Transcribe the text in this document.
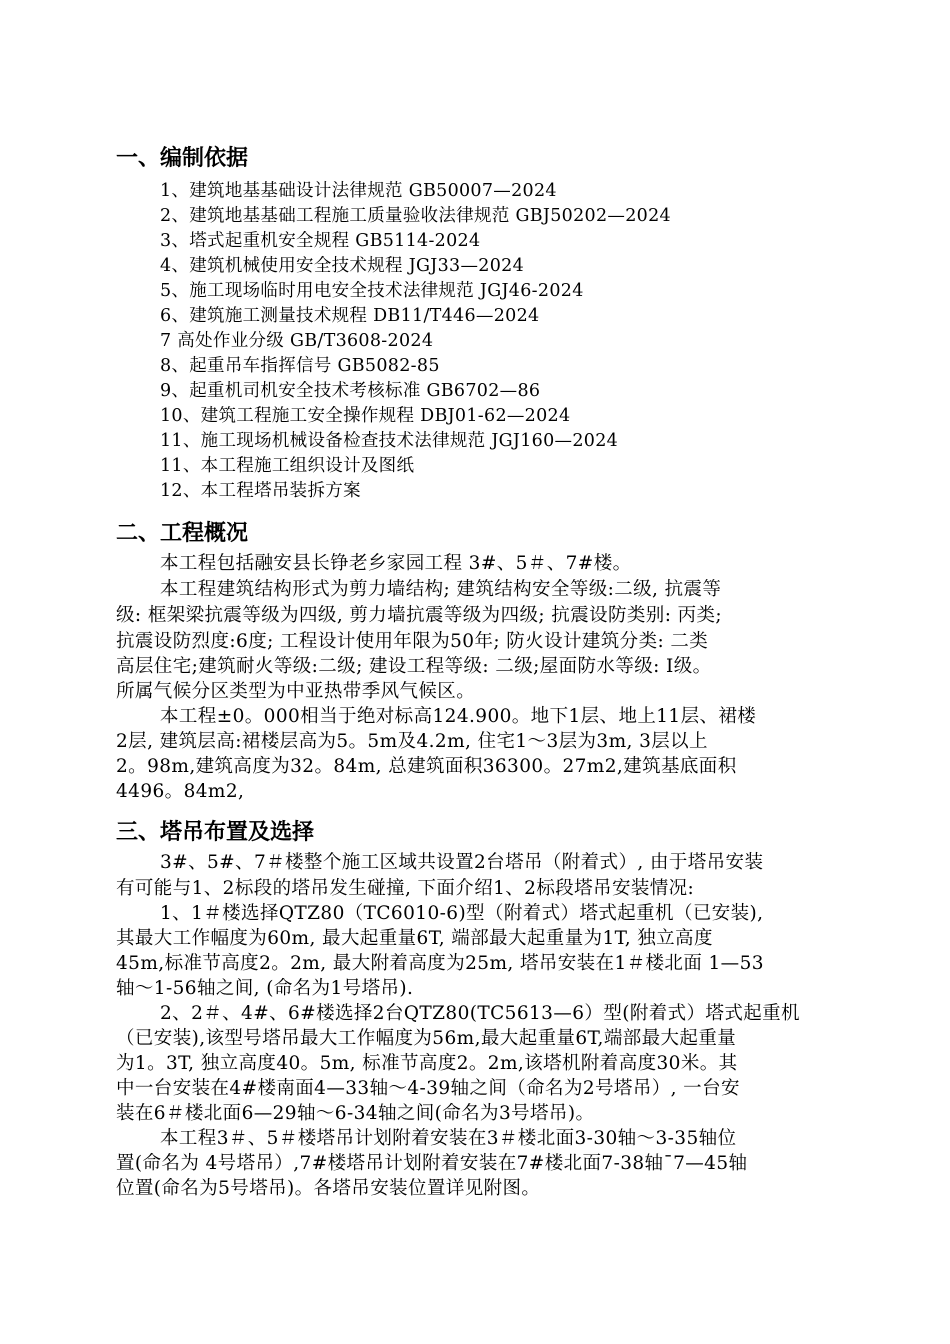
一、编制依据
1、建筑地基基础设计法律规范 GB50007—2024
2、建筑地基基础工程施工质量验收法律规范 GBJ50202—2024
3、塔式起重机安全规程 GB5114-2024
4、建筑机械使用安全技术规程 JGJ33—2024
5、施工现场临时用电安全技术法律规范 JGJ46-2024
6、建筑施工测量技术规程 DB11/T446—2024
7 高处作业分级 GB/T3608-2024
8、起重吊车指挥信号 GB5082-85
9、起重机司机安全技术考核标准 GB6702—86
10、建筑工程施工安全操作规程 DBJ01-62—2024
11、施工现场机械设备检查技术法律规范 JGJ160—2024
11、本工程施工组织设计及图纸
12、本工程塔吊装拆方案
二、工程概况
本工程包括融安县长铮老乡家园工程 3#、5＃、7#楼。
本工程建筑结构形式为剪力墙结构; 建筑结构安全等级:二级, 抗震等
级: 框架梁抗震等级为四级, 剪力墙抗震等级为四级; 抗震设防类别: 丙类;
抗震设防烈度:6度; 工程设计使用年限为50年; 防火设计建筑分类: 二类
高层住宅;建筑耐火等级:二级; 建设工程等级: 二级;屋面防水等级: Ⅰ级。
所属气候分区类型为中亚热带季风气候区。
本工程±0。000相当于绝对标高124.900。地下1层、地上11层、裙楼
2层, 建筑层高:裙楼层高为5。5m及4.2m, 住宅1～3层为3m, 3层以上
2。98m,建筑高度为32。84m, 总建筑面积36300。27m2,建筑基底面积
4496。84m2,
三、塔吊布置及选择
3#、5#、7＃楼整个施工区域共设置2台塔吊（附着式）, 由于塔吊安装
有可能与1、2标段的塔吊发生碰撞, 下面介绍1、2标段塔吊安装情况:
1、1＃楼选择QTZ80（TC6010-6)型（附着式）塔式起重机（已安装),
其最大工作幅度为60m, 最大起重量6T, 端部最大起重量为1T, 独立高度
45m,标准节高度2。2m, 最大附着高度为25m, 塔吊安装在1＃楼北面 1—53
轴～1-56轴之间, (命名为1号塔吊).
2、2＃、4#、6#楼选择2台QTZ80(TC5613—6）型(附着式）塔式起重机
（已安装),该型号塔吊最大工作幅度为56m,最大起重量6T,端部最大起重量
为1。3T, 独立高度40。5m, 标准节高度2。2m,该塔机附着高度30米。其
中一台安装在4#楼南面4—33轴～4-39轴之间（命名为2号塔吊）, 一台安
装在6＃楼北面6—29轴～6-34轴之间(命名为3号塔吊)。
本工程3＃、5＃楼塔吊计划附着安装在3＃楼北面3-30轴～3-35轴位
置(命名为 4号塔吊）,7#楼塔吊计划附着安装在7#楼北面7-38轴¯7—45轴
位置(命名为5号塔吊)。各塔吊安装位置详见附图。
